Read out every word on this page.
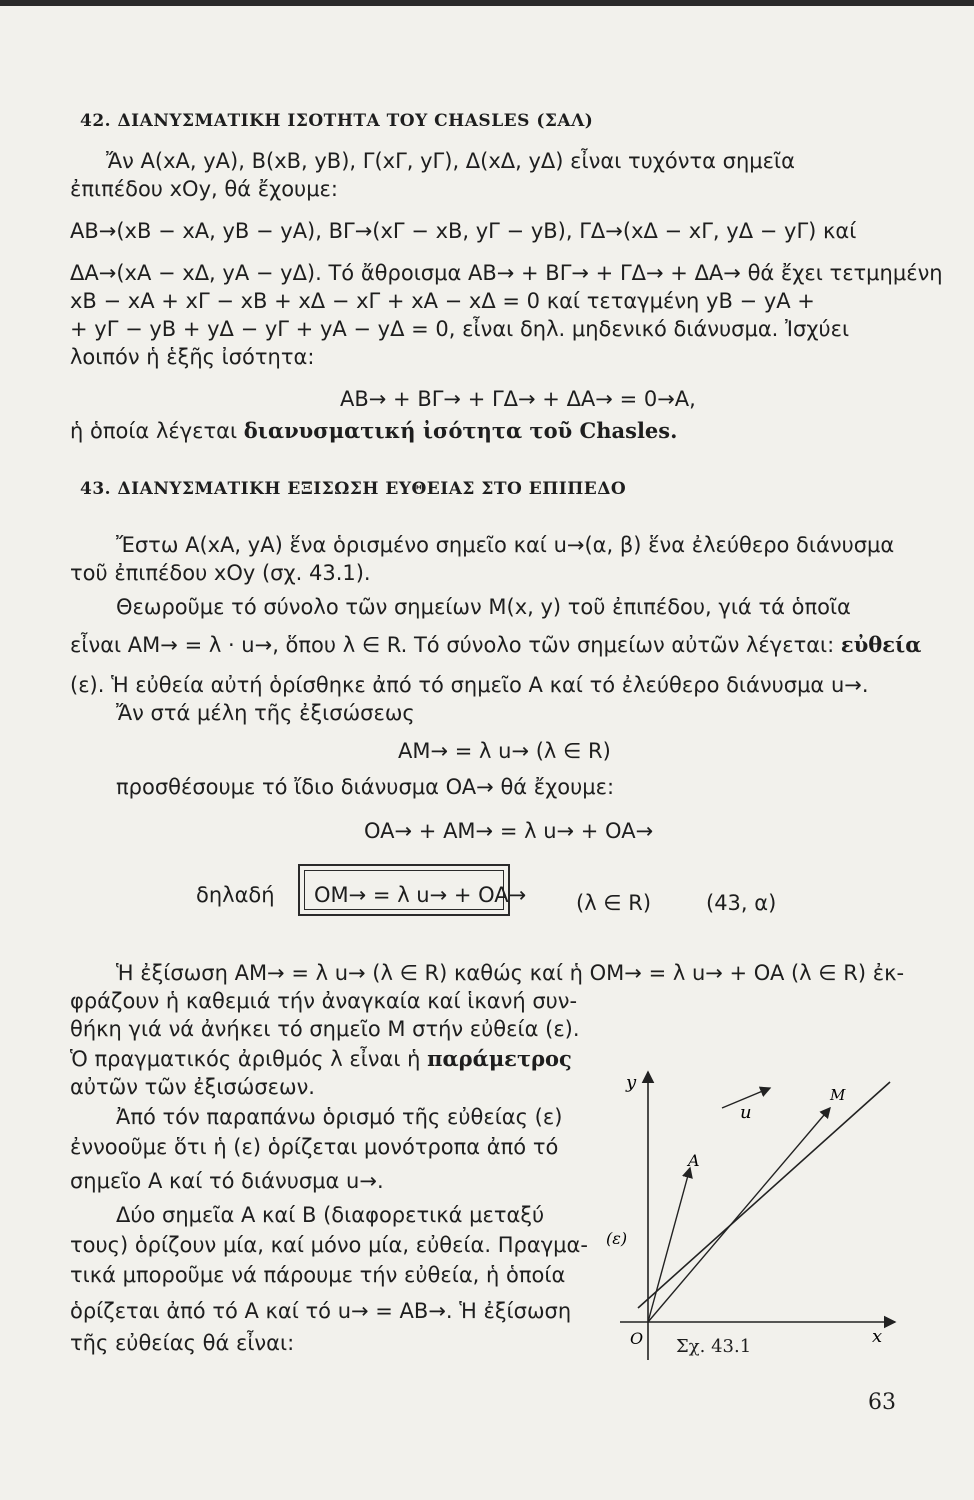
42. ΔΙΑΝΥΣΜΑΤΙΚΗ ΙΣΟΤΗΤΑ ΤΟΥ CHASLES (ΣΑΛ)
Ἄν A(xA, yA), B(xB, yB), Γ(xΓ, yΓ), Δ(xΔ, yΔ) εἶναι τυχόντα σημεῖα
ἐπιπέδου xOy, θά ἔχουμε:
AB→(xB − xA, yB − yA), BΓ→(xΓ − xB, yΓ − yB), ΓΔ→(xΔ − xΓ, yΔ − yΓ) καί
ΔA→(xA − xΔ, yA − yΔ). Τό ἄθροισμα AB→ + BΓ→ + ΓΔ→ + ΔA→ θά ἔχει τετμημένη
xB − xA + xΓ − xB + xΔ − xΓ + xA − xΔ = 0 καί τεταγμένη yB − yA +
+ yΓ − yB + yΔ − yΓ + yA − yΔ = 0, εἶναι δηλ. μηδενικό διάνυσμα. Ἰσχύει
λοιπόν ἡ ἑξῆς ἰσότητα:
AB→ + BΓ→ + ΓΔ→ + ΔA→ = 0→A,
ἡ ὁποία λέγεται διανυσματική ἰσότητα τοῦ Chasles.
43. ΔΙΑΝΥΣΜΑΤΙΚΗ ΕΞΙΣΩΣΗ ΕΥΘΕΙΑΣ ΣΤΟ ΕΠΙΠΕΔΟ
Ἔστω A(xA, yA) ἕνα ὁρισμένο σημεῖο καί u→(α, β) ἕνα ἐλεύθερο διάνυσμα
τοῦ ἐπιπέδου xOy (σχ. 43.1).
Θεωροῦμε τό σύνολο τῶν σημείων M(x, y) τοῦ ἐπιπέδου, γιά τά ὁποῖα
εἶναι AM→ = λ · u→, ὅπου λ ∈ R. Τό σύνολο τῶν σημείων αὐτῶν λέγεται: εὐθεία
(ε). Ἡ εὐθεία αὐτή ὁρίσθηκε ἀπό τό σημεῖο A καί τό ἐλεύθερο διάνυσμα u→.
Ἄν στά μέλη τῆς ἐξισώσεως
AM→ = λ u→ (λ ∈ R)
προσθέσουμε τό ἴδιο διάνυσμα OA→ θά ἔχουμε:
OA→ + AM→ = λ u→ + OA→
δηλαδή OM→ = λ u→ + OA→ (λ ∈ R)	(43, α)
Ἡ ἐξίσωση AM→ = λ u→ (λ ∈ R) καθώς καί ἡ OM→ = λ u→ + OA (λ ∈ R) ἐκ-
φράζουν ἡ καθεμιά τήν ἀναγκαία καί ἱκανή συν-
θήκη γιά νά ἀνήκει τό σημεῖο M στήν εὐθεία (ε).
Ὁ πραγματικός ἀριθμός λ εἶναι ἡ παράμετρος
αὐτῶν τῶν ἐξισώσεων.
Ἀπό τόν παραπάνω ὁρισμό τῆς εὐθείας (ε)
ἐννοοῦμε ὅτι ἡ (ε) ὁρίζεται μονότροπα ἀπό τό
σημεῖο A καί τό διάνυσμα u→.
Δύο σημεῖα A καί B (διαφορετικά μεταξύ
τους) ὁρίζουν μία, καί μόνο μία, εὐθεία. Πραγμα-
τικά μποροῦμε νά πάρουμε τήν εὐθεία, ἡ ὁποία
ὁρίζεται ἀπό τό A καί τό u→ = AB→. Ἡ ἐξίσωση
τῆς εὐθείας θά εἶναι:
y
x
O
A
M
u
(ε)
Σχ. 43.1
63
